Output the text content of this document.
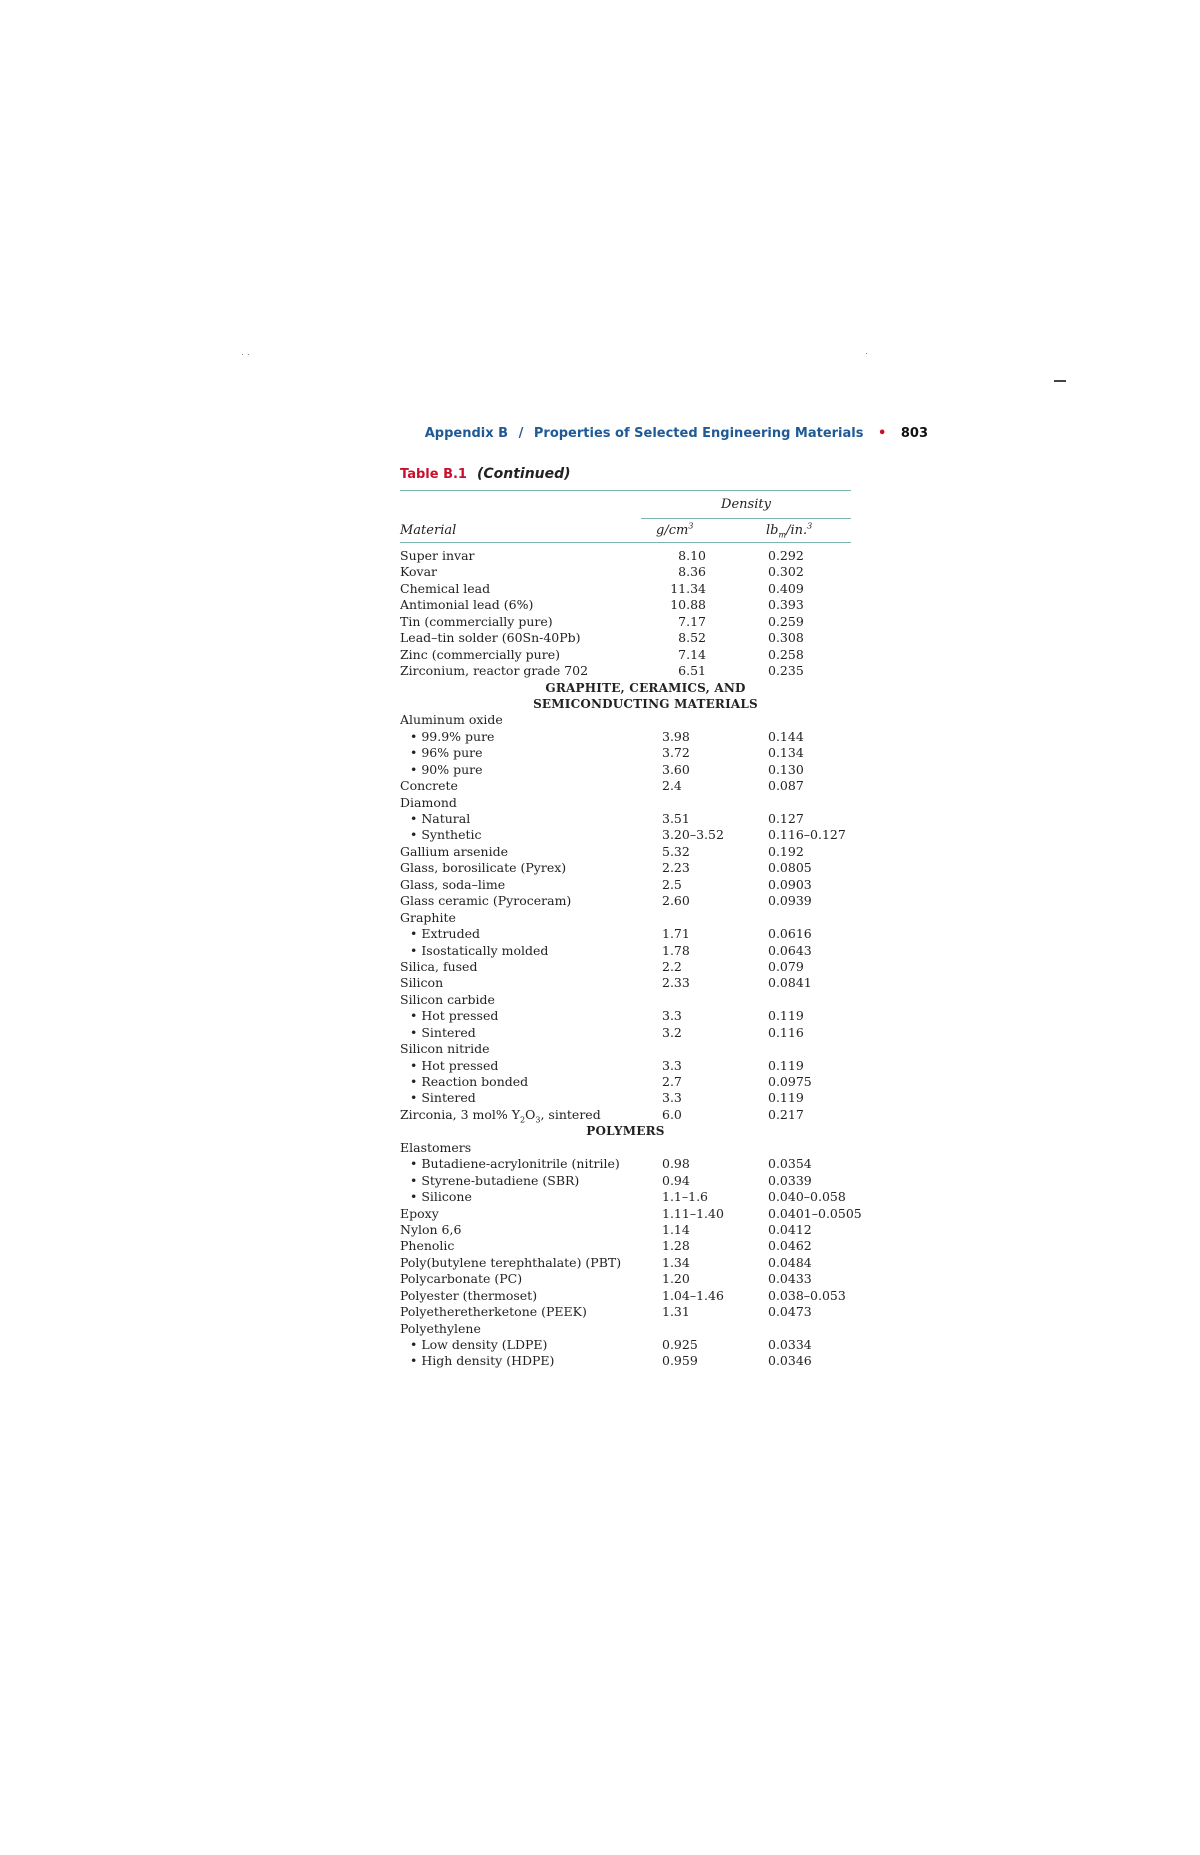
Appendix B / Properties of Selected Engineering Materials • 803
Table B.1 (Continued)
Density
Material	$g/cm^3$	$lb_m/in.^3$
Super invar	8.10	0.292
Kovar	8.36	0.302
Chemical lead	11.34	0.409
Antimonial lead (6%)	10.88	0.393
Tin (commercially pure)	7.17	0.259
Lead–tin solder (60Sn-40Pb)	8.52	0.308
Zinc (commercially pure)	7.14	0.258
Zirconium, reactor grade 702	6.51	0.235
GRAPHITE, CERAMICS, AND
SEMICONDUCTING MATERIALS
Aluminum oxide
• 99.9% pure	3.98	0.144
• 96% pure	3.72	0.134
• 90% pure	3.60	0.130
Concrete	2.4	0.087
Diamond
• Natural	3.51	0.127
• Synthetic	3.20–3.52	0.116–0.127
Gallium arsenide	5.32	0.192
Glass, borosilicate (Pyrex)	2.23	0.0805
Glass, soda–lime	2.5	0.0903
Glass ceramic (Pyroceram)	2.60	0.0939
Graphite
• Extruded	1.71	0.0616
• Isostatically molded	1.78	0.0643
Silica, fused	2.2	0.079
Silicon	2.33	0.0841
Silicon carbide
• Hot pressed	3.3	0.119
• Sintered	3.2	0.116
Silicon nitride
• Hot pressed	3.3	0.119
• Reaction bonded	2.7	0.0975
• Sintered	3.3	0.119
Zirconia, 3 mol% $Y_2O_3$, sintered	6.0	0.217
POLYMERS
Elastomers
• Butadiene-acrylonitrile (nitrile)	0.98	0.0354
• Styrene-butadiene (SBR)	0.94	0.0339
• Silicone	1.1–1.6	0.040–0.058
Epoxy	1.11–1.40	0.0401–0.0505
Nylon 6,6	1.14	0.0412
Phenolic	1.28	0.0462
Poly(butylene terephthalate) (PBT)	1.34	0.0484
Polycarbonate (PC)	1.20	0.0433
Polyester (thermoset)	1.04–1.46	0.038–0.053
Polyetheretherketone (PEEK)	1.31	0.0473
Polyethylene
• Low density (LDPE)	0.925	0.0334
• High density (HDPE)	0.959	0.0346
